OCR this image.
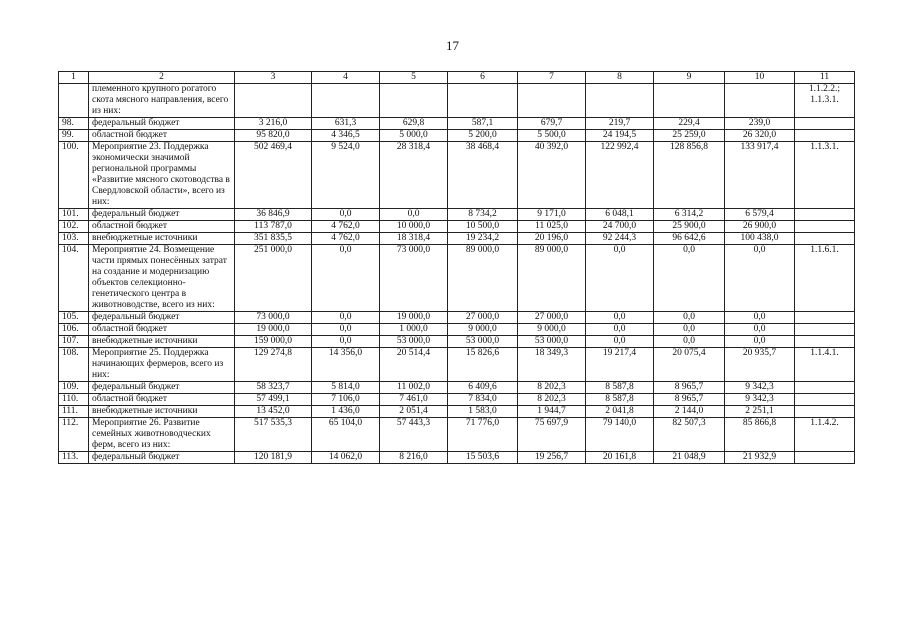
17
1	2	3	4	5	6	7	8	9	10	11
	племенного крупного рогатого скота мясного направления, всего из них:									1.1.2.2.; 1.1.3.1.
98.	федеральный бюджет	3 216,0	631,3	629,8	587,1	679,7	219,7	229,4	239,0	
99.	областной бюджет	95 820,0	4 346,5	5 000,0	5 200,0	5 500,0	24 194,5	25 259,0	26 320,0	
100.	Мероприятие 23. Поддержка экономически значимой региональной программы «Развитие мясного скотоводства в Свердловской области», всего из них:	502 469,4	9 524,0	28 318,4	38 468,4	40 392,0	122 992,4	128 856,8	133 917,4	1.1.3.1.
101.	федеральный бюджет	36 846,9	0,0	0,0	8 734,2	9 171,0	6 048,1	6 314,2	6 579,4	
102.	областной бюджет	113 787,0	4 762,0	10 000,0	10 500,0	11 025,0	24 700,0	25 900,0	26 900,0	
103.	внебюджетные источники	351 835,5	4 762,0	18 318,4	19 234,2	20 196,0	92 244,3	96 642,6	100 438,0	
104.	Мероприятие 24. Возмещение части прямых понесённых затрат на создание и модернизацию объектов селекционно-генетического центра в животноводстве, всего из них:	251 000,0	0,0	73 000,0	89 000,0	89 000,0	0,0	0,0	0,0	1.1.6.1.
105.	федеральный бюджет	73 000,0	0,0	19 000,0	27 000,0	27 000,0	0,0	0,0	0,0	
106.	областной бюджет	19 000,0	0,0	1 000,0	9 000,0	9 000,0	0,0	0,0	0,0	
107.	внебюджетные источники	159 000,0	0,0	53 000,0	53 000,0	53 000,0	0,0	0,0	0,0	
108.	Мероприятие 25. Поддержка начинающих фермеров, всего из них:	129 274,8	14 356,0	20 514,4	15 826,6	18 349,3	19 217,4	20 075,4	20 935,7	1.1.4.1.
109.	федеральный бюджет	58 323,7	5 814,0	11 002,0	6 409,6	8 202,3	8 587,8	8 965,7	9 342,3	
110.	областной бюджет	57 499,1	7 106,0	7 461,0	7 834,0	8 202,3	8 587,8	8 965,7	9 342,3	
111.	внебюджетные источники	13 452,0	1 436,0	2 051,4	1 583,0	1 944,7	2 041,8	2 144,0	2 251,1	
112.	Мероприятие 26. Развитие семейных животноводческих ферм, всего из них:	517 535,3	65 104,0	57 443,3	71 776,0	75 697,9	79 140,0	82 507,3	85 866,8	1.1.4.2.
113.	федеральный бюджет	120 181,9	14 062,0	8 216,0	15 503,6	19 256,7	20 161,8	21 048,9	21 932,9	
